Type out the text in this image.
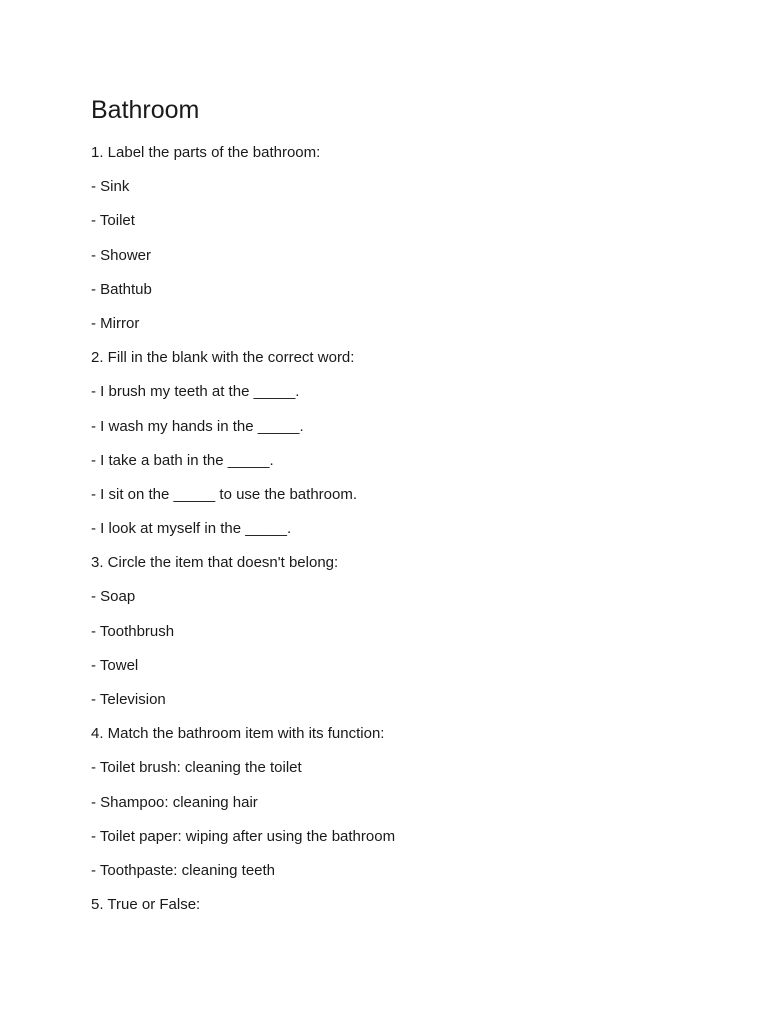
Bathroom
1. Label the parts of the bathroom:
- Sink
- Toilet
- Shower
- Bathtub
- Mirror
2. Fill in the blank with the correct word:
- I brush my teeth at the _____.
- I wash my hands in the _____.
- I take a bath in the _____.
- I sit on the _____ to use the bathroom.
- I look at myself in the _____.
3. Circle the item that doesn't belong:
- Soap
- Toothbrush
- Towel
- Television
4. Match the bathroom item with its function:
- Toilet brush: cleaning the toilet
- Shampoo: cleaning hair
- Toilet paper: wiping after using the bathroom
- Toothpaste: cleaning teeth
5. True or False:
